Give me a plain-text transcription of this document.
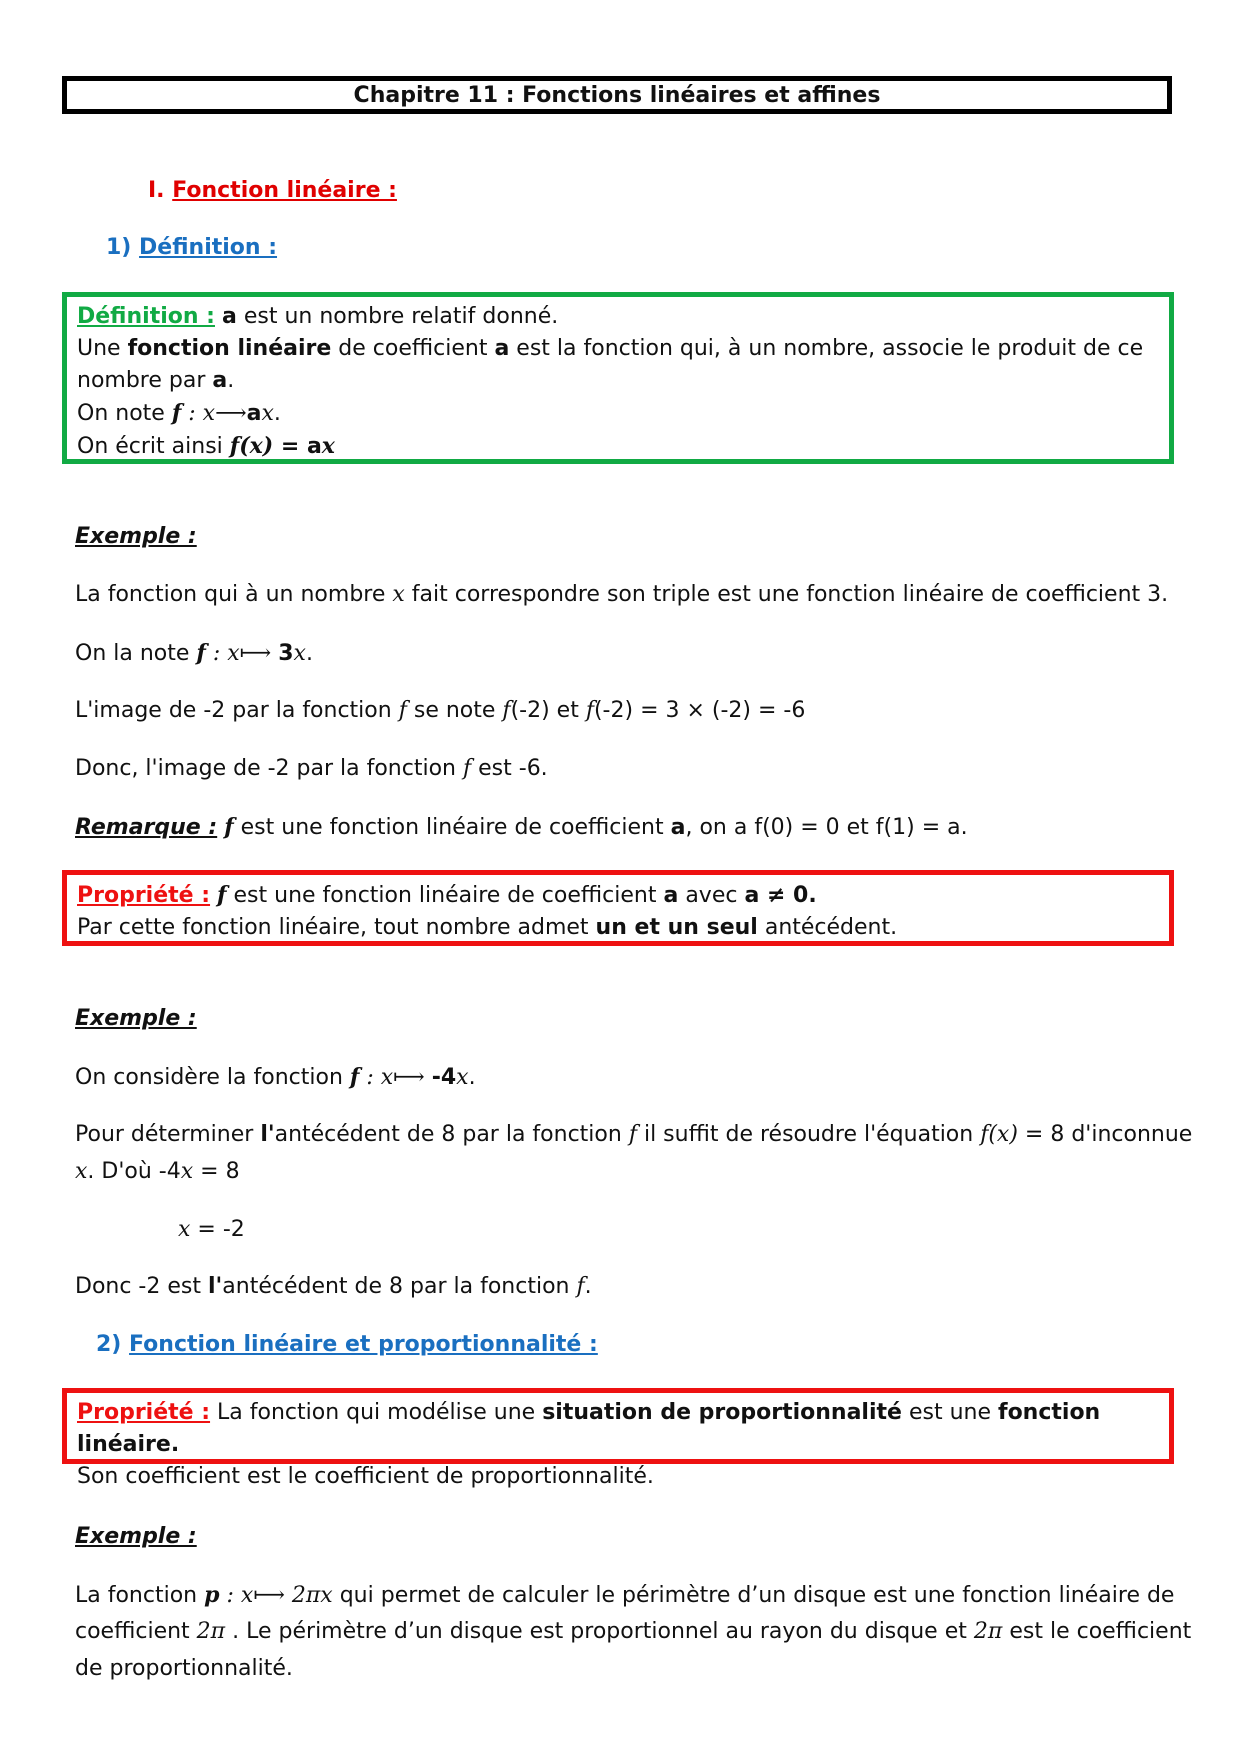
Chapitre 11 : Fonctions linéaires et affines
I. Fonction linéaire :
1) Définition :
Définition : a est un nombre relatif donné.
Une fonction linéaire de coefficient a est la fonction qui, à un nombre, associe le produit de ce
nombre par a.
On note f : x⟶ax.
On écrit ainsi f(x) = ax
Exemple :
La fonction qui à un nombre x fait correspondre son triple est une fonction linéaire de coefficient 3.
On la note f : x⟼ 3x.
L'image de -2 par la fonction f se note f(-2) et f(-2) = 3 × (-2) = -6
Donc, l'image de -2 par la fonction f est -6.
Remarque : f est une fonction linéaire de coefficient a, on a f(0) = 0 et f(1) = a.
Propriété : f est une fonction linéaire de coefficient a avec a ≠ 0.
Par cette fonction linéaire, tout nombre admet un et un seul antécédent.
Exemple :
On considère la fonction f : x⟼ -4x.
Pour déterminer l'antécédent de 8 par la fonction f il suffit de résoudre l'équation f(x) = 8 d'inconnue
x. D'où -4x = 8
x = -2
Donc -2 est l'antécédent de 8 par la fonction f.
2) Fonction linéaire et proportionnalité :
Propriété : La fonction qui modélise une situation de proportionnalité est une fonction linéaire.
Son coefficient est le coefficient de proportionnalité.
Exemple :
La fonction p : x⟼ 2πx qui permet de calculer le périmètre d’un disque est une fonction linéaire de
coefficient 2π . Le périmètre d’un disque est proportionnel au rayon du disque et 2π est le coefficient
de proportionnalité.
